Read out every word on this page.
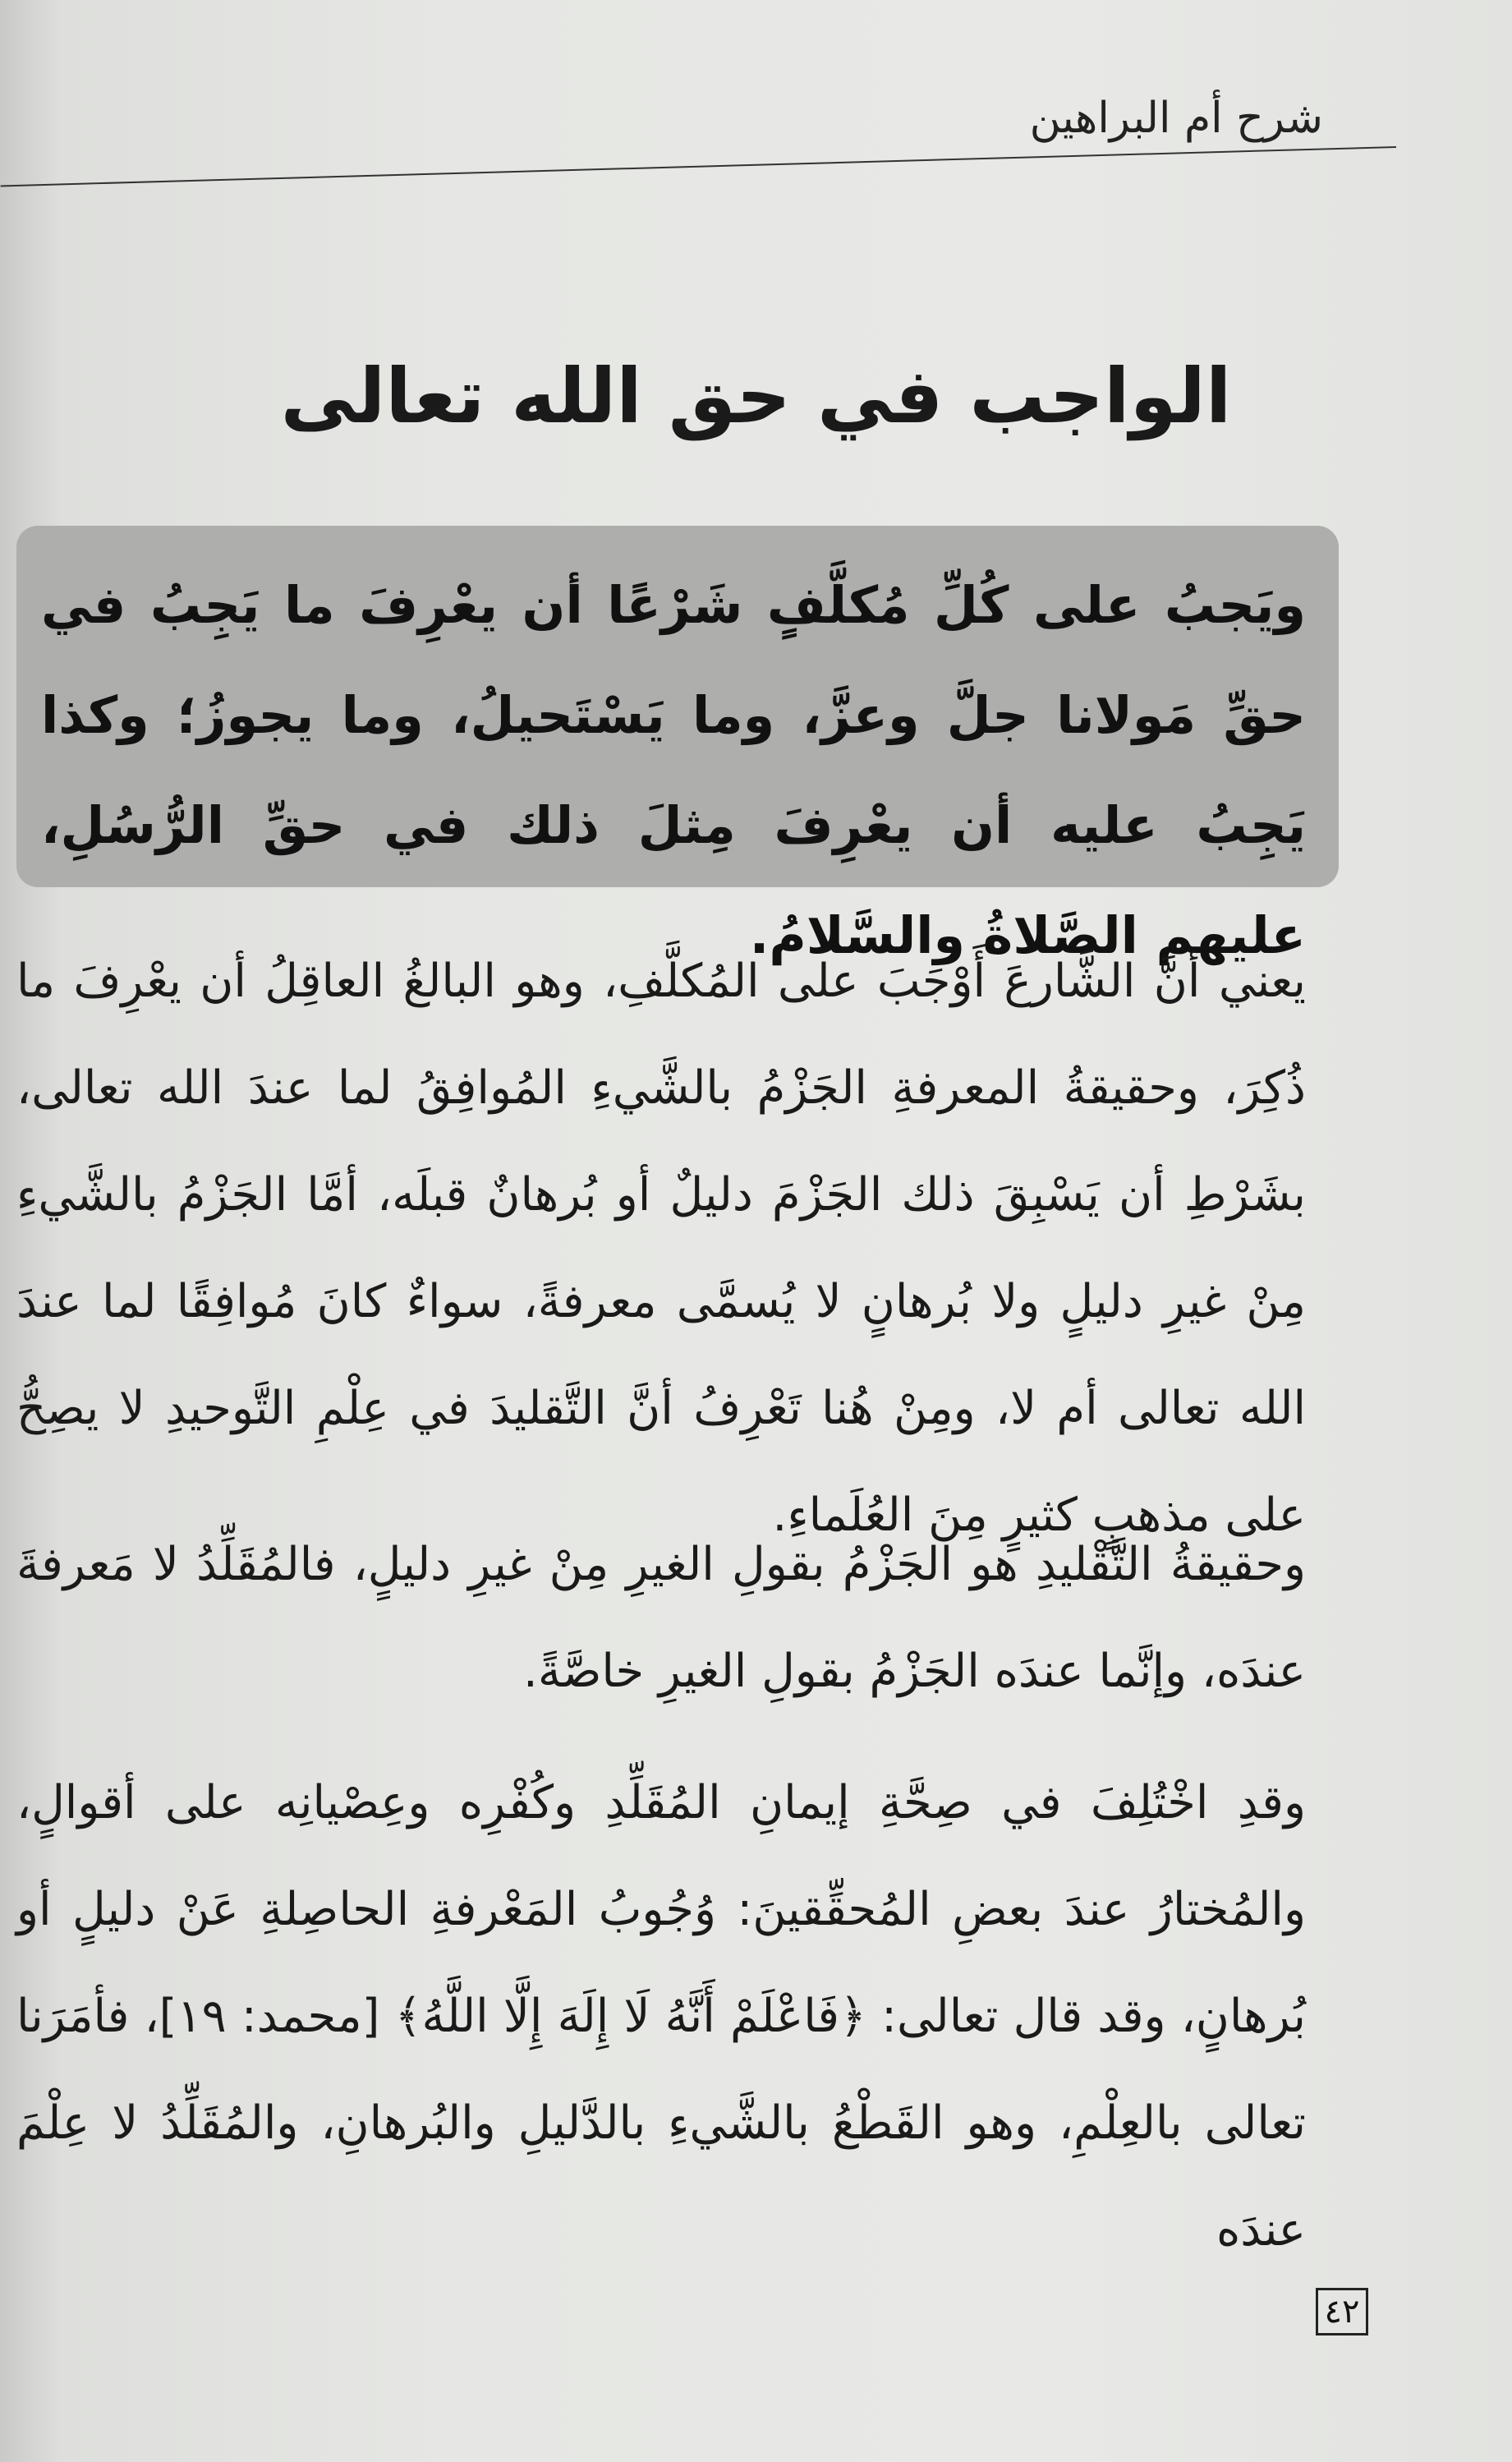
شرح أم البراهين
الواجب في حق الله تعالى

ويَجبُ على كُلِّ مُكلَّفٍ شَرْعًا أن يعْرِفَ ما يَجِبُ في حقِّ مَولانا جلَّ وعزَّ، وما يَسْتَحيلُ، وما يجوزُ؛ وكذا يَجِبُ عليه أن يعْرِفَ مِثلَ ذلك في حقِّ الرُّسُلِ، عليهم الصَّلاةُ والسَّلامُ.

يعني أنَّ الشَّارعَ أَوْجَبَ على المُكلَّفِ، وهو البالغُ العاقِلُ أن يعْرِفَ ما ذُكِرَ، وحقيقةُ المعرفةِ الجَزْمُ بالشَّيءِ المُوافِقُ لما عندَ الله تعالى، بشَرْطِ أن يَسْبِقَ ذلك الجَزْمَ دليلٌ أو بُرهانٌ قبلَه، أمَّا الجَزْمُ بالشَّيءِ مِنْ غيرِ دليلٍ ولا بُرهانٍ لا يُسمَّى معرفةً، سواءٌ كانَ مُوافِقًا لما عندَ الله تعالى أم لا، ومِنْ هُنا تَعْرِفُ أنَّ التَّقليدَ في عِلْمِ التَّوحيدِ لا يصِحُّ على مذهبٍ كثيرٍ مِنَ العُلَماءِ.

وحقيقةُ التَّقْليدِ هو الجَزْمُ بقولِ الغيرِ مِنْ غيرِ دليلٍ، فالمُقَلِّدُ لا مَعرفةَ عندَه، وإنَّما عندَه الجَزْمُ بقولِ الغيرِ خاصَّةً.

وقدِ اخْتُلِفَ في صِحَّةِ إيمانِ المُقَلِّدِ وكُفْرِه وعِصْيانِه على أقوالٍ، والمُختارُ عندَ بعضِ المُحقِّقينَ: وُجُوبُ المَعْرفةِ الحاصِلةِ عَنْ دليلٍ أو بُرهانٍ، وقد قال تعالى: ﴿فَاعْلَمْ أَنَّهُ لَا إِلَهَ إِلَّا اللَّهُ﴾ [محمد: ١٩]، فأمَرَنا تعالى بالعِلْمِ، وهو القَطْعُ بالشَّيءِ بالدَّليلِ والبُرهانِ، والمُقَلِّدُ لا عِلْمَ عندَه

٤٢
